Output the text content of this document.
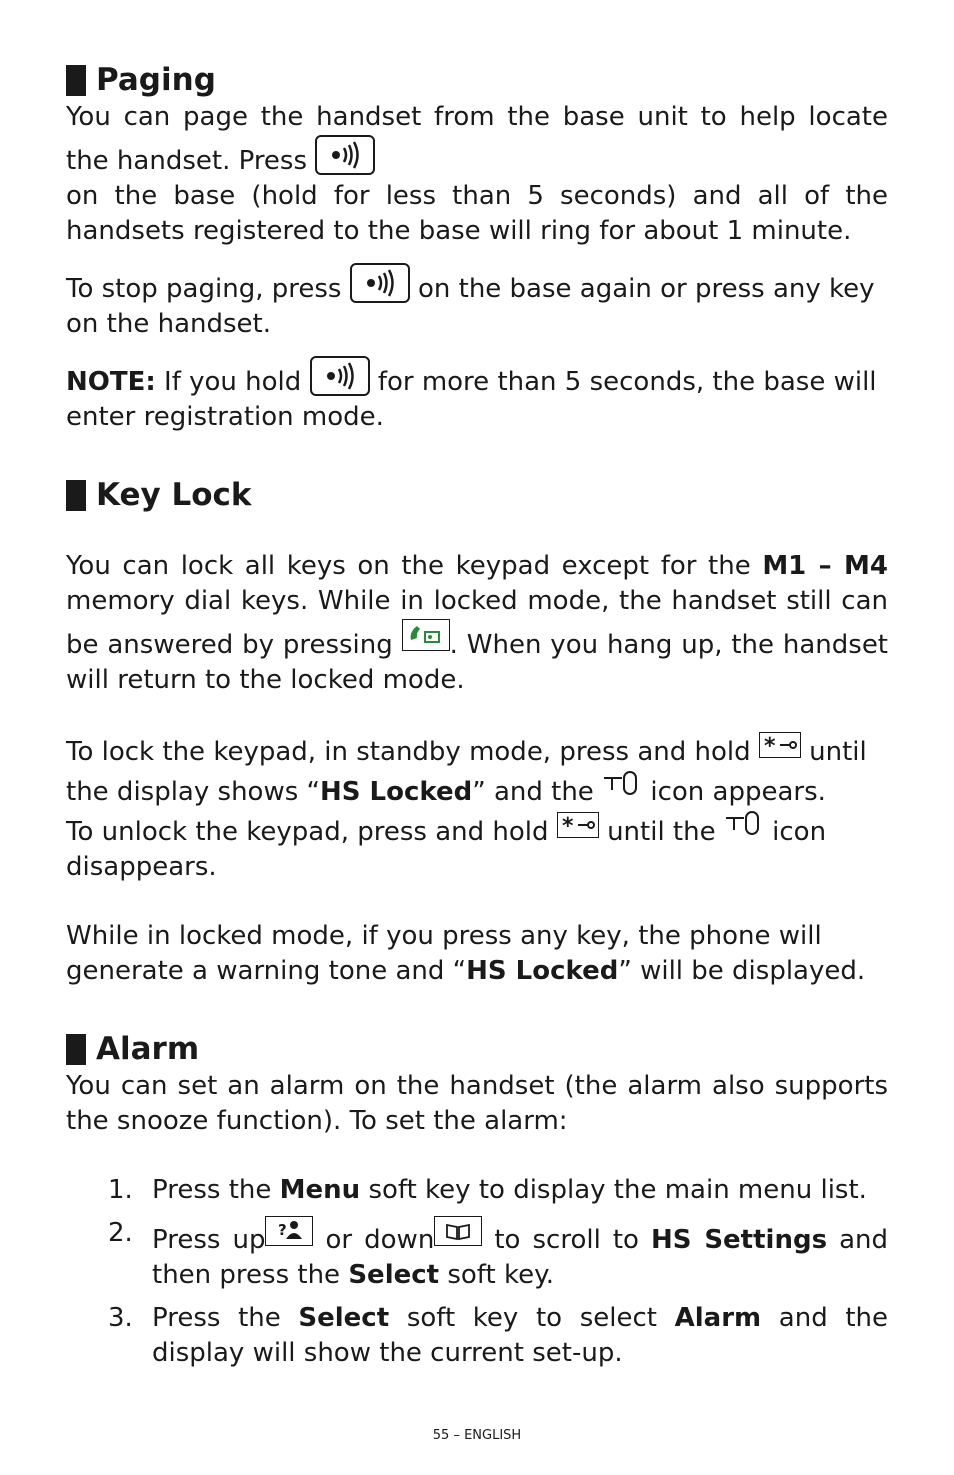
Paging

You can page the handset from the base unit to help locate the handset. Press

on the base (hold for less than 5 seconds) and all of the handsets registered to the base will ring for about 1 minute.

To stop paging, press	on the base again or press any key on the handset.

NOTE: If you hold	for more than 5 seconds, the base will enter registration mode.

Key Lock

You can lock all keys on the keypad except for the M1 – M4 memory dial keys. While in locked mode, the handset still can be answered by pressing . When you hang up, the handset will return to the locked mode.

To lock the keypad, in standby mode, press and hold * until the display shows “HS Locked” and the icon appears.

To unlock the keypad, press and hold * until the icon disappears.

While in locked mode, if you press any key, the phone will generate a warning tone and “HS Locked” will be displayed.

Alarm

You can set an alarm on the handset (the alarm also supports the snooze function). To set the alarm:

1. Press the Menu soft key to display the main menu list.
2. Press up ? or down to scroll to HS Settings and then press the Select soft key.
3. Press the Select soft key to select Alarm and the display will show the current set-up.
55 – ENGLISH
